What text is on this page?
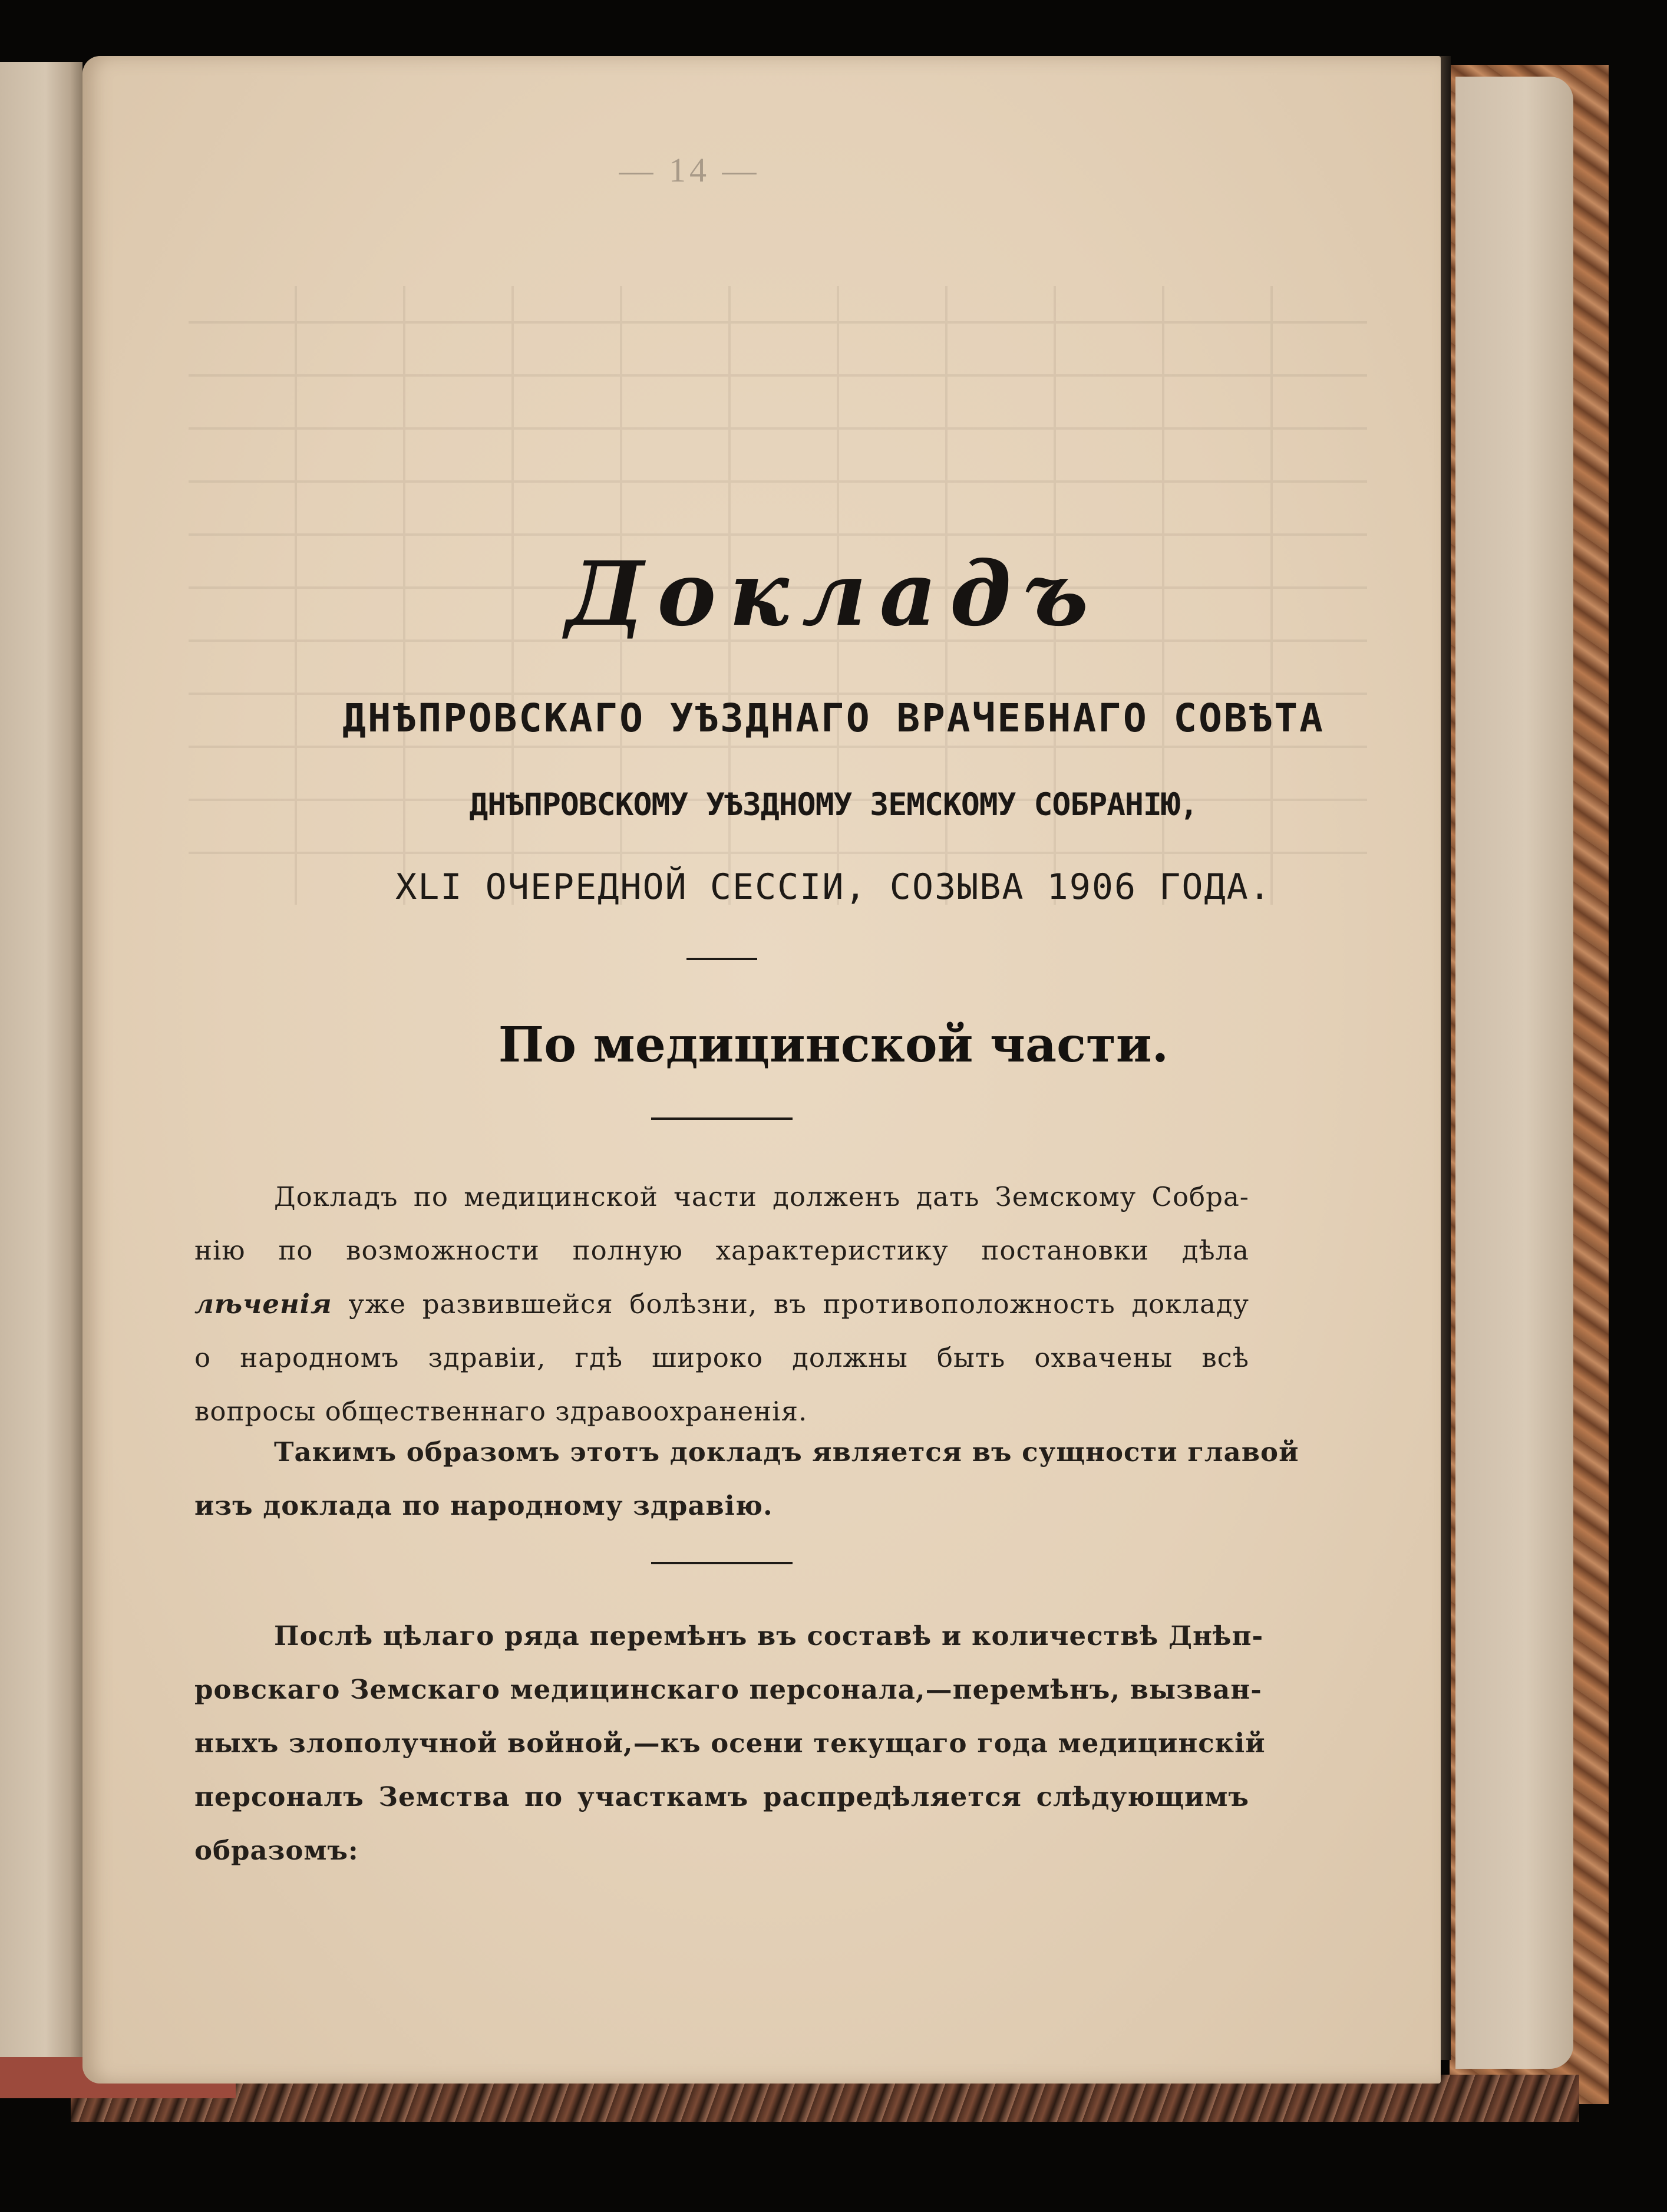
— 14 —
Докладъ
ДНѢПРОВСКАГО УѢЗДНАГО ВРАЧЕБНАГО СОВѢТА
ДНѢПРОВСКОМУ УѢЗДНОМУ ЗЕМСКОМУ СОБРАНІЮ,
XLI ОЧЕРЕДНОЙ СЕССІИ, СОЗЫВА 1906 ГОДА.
По медицинской части.
Докладъ по медицинской части долженъ дать Земскому Собра-
нію по возможности полную характеристику постановки дѣла
лѣченія уже развившейся болѣзни, въ противоположность докладу
о народномъ здравіи, гдѣ широко должны быть охвачены всѣ
вопросы общественнаго здравоохраненія.
Такимъ образомъ этотъ докладъ является въ сущности главой
изъ доклада по народному здравію.
Послѣ цѣлаго ряда перемѣнъ въ составѣ и количествѣ Днѣп-
ровскаго Земскаго медицинскаго персонала,—перемѣнъ, вызван-
ныхъ злополучной войной,—къ осени текущаго года медицинскій
персоналъ Земства по участкамъ распредѣляется слѣдующимъ
образомъ:
